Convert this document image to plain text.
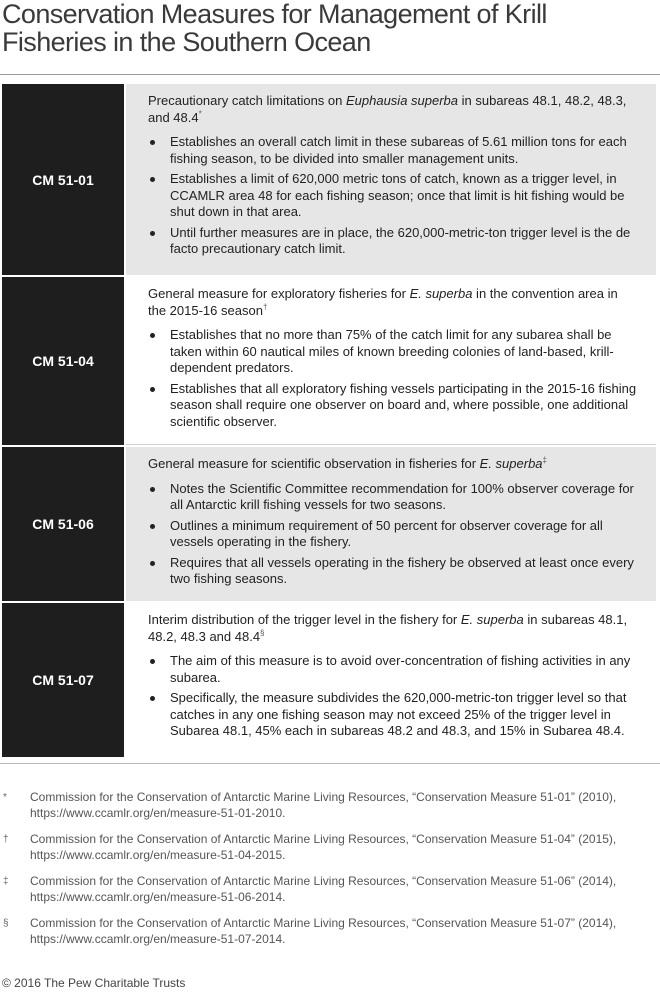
Conservation Measures for Management of Krill Fisheries in the Southern Ocean
CM 51-01

Precautionary catch limitations on Euphausia superba in subareas 48.1, 48.2, 48.3, and 48.4*

Establishes an overall catch limit in these subareas of 5.61 million tons for each fishing season, to be divided into smaller management units.
Establishes a limit of 620,000 metric tons of catch, known as a trigger level, in CCAMLR area 48 for each fishing season; once that limit is hit fishing would be shut down in that area.
Until further measures are in place, the 620,000-metric-ton trigger level is the de facto precautionary catch limit.
CM 51-04

General measure for exploratory fisheries for E. superba in the convention area in the 2015-16 season†

Establishes that no more than 75% of the catch limit for any subarea shall be taken within 60 nautical miles of known breeding colonies of land-based, krill-dependent predators.
Establishes that all exploratory fishing vessels participating in the 2015-16 fishing season shall require one observer on board and, where possible, one additional scientific observer.
CM 51-06

General measure for scientific observation in fisheries for E. superba‡

Notes the Scientific Committee recommendation for 100% observer coverage for all Antarctic krill fishing vessels for two seasons.
Outlines a minimum requirement of 50 percent for observer coverage for all vessels operating in the fishery.
Requires that all vessels operating in the fishery be observed at least once every two fishing seasons.
CM 51-07

Interim distribution of the trigger level in the fishery for E. superba in subareas 48.1, 48.2, 48.3 and 48.4§

The aim of this measure is to avoid over-concentration of fishing activities in any subarea.
Specifically, the measure subdivides the 620,000-metric-ton trigger level so that catches in any one fishing season may not exceed 25% of the trigger level in Subarea 48.1, 45% each in subareas 48.2 and 48.3, and 15% in Subarea 48.4.
*	Commission for the Conservation of Antarctic Marine Living Resources, “Conservation Measure 51-01” (2010), https://www.ccamlr.org/en/measure-51-01-2010.
†	Commission for the Conservation of Antarctic Marine Living Resources, “Conservation Measure 51-04” (2015), https://www.ccamlr.org/en/measure-51-04-2015.
‡	Commission for the Conservation of Antarctic Marine Living Resources, “Conservation Measure 51-06” (2014), https://www.ccamlr.org/en/measure-51-06-2014.
§	Commission for the Conservation of Antarctic Marine Living Resources, “Conservation Measure 51-07” (2014), https://www.ccamlr.org/en/measure-51-07-2014.
© 2016 The Pew Charitable Trusts
